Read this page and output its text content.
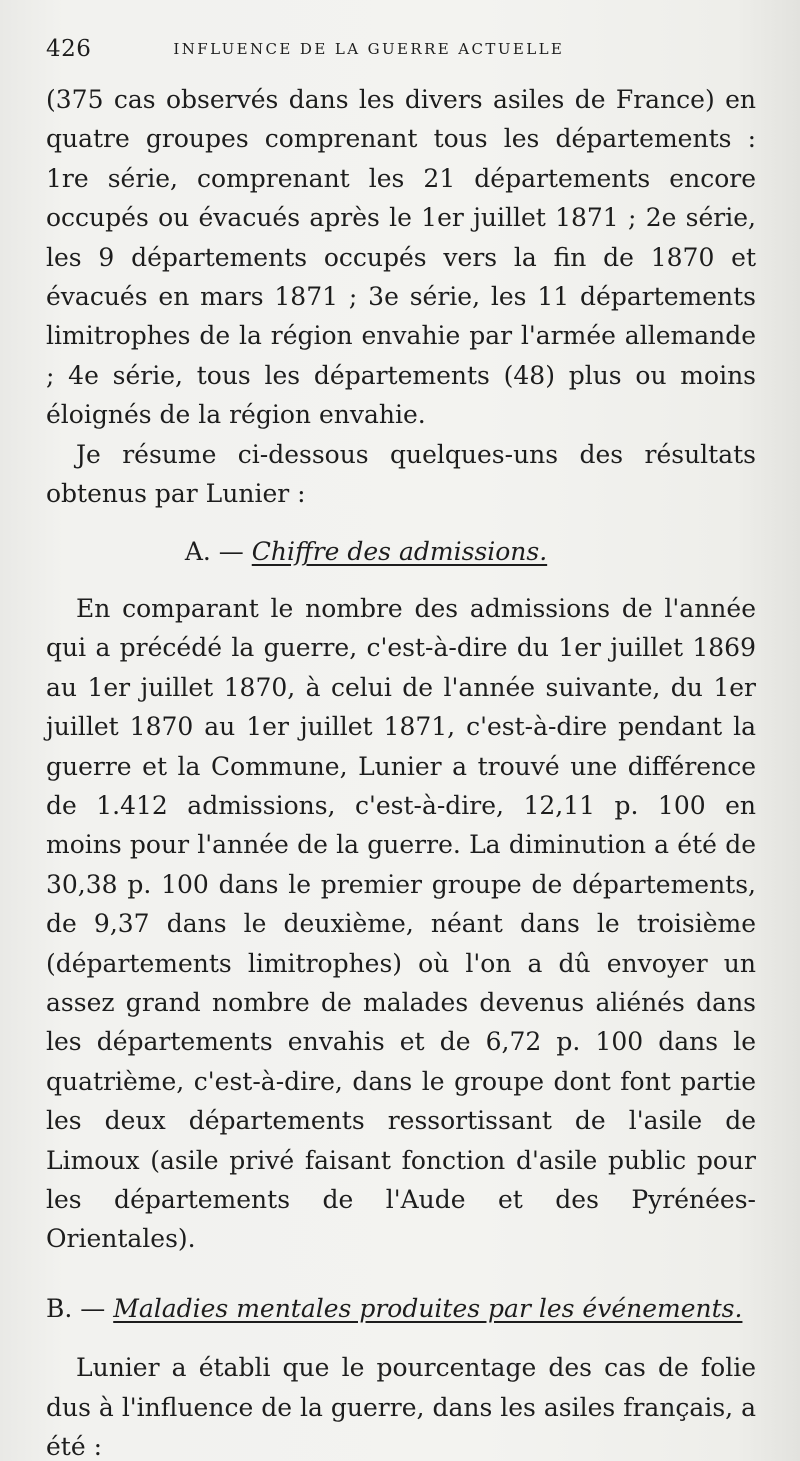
426	INFLUENCE DE LA GUERRE ACTUELLE

(375 cas observés dans les divers asiles de France) en quatre groupes comprenant tous les départements : 1re série, comprenant les 21 départements encore occupés ou évacués après le 1er juillet 1871 ; 2e série, les 9 départements occupés vers la fin de 1870 et évacués en mars 1871 ; 3e série, les 11 départements limitrophes de la région envahie par l'armée allemande ; 4e série, tous les départements (48) plus ou moins éloignés de la région envahie.

Je résume ci-dessous quelques-uns des résultats obtenus par Lunier :

A. — Chiffre des admissions.

En comparant le nombre des admissions de l'année qui a précédé la guerre, c'est-à-dire du 1er juillet 1869 au 1er juillet 1870, à celui de l'année suivante, du 1er juillet 1870 au 1er juillet 1871, c'est-à-dire pendant la guerre et la Commune, Lunier a trouvé une différence de 1.412 admissions, c'est-à-dire, 12,11 p. 100 en moins pour l'année de la guerre. La diminution a été de 30,38 p. 100 dans le premier groupe de départements, de 9,37 dans le deuxième, néant dans le troisième (départements limitrophes) où l'on a dû envoyer un assez grand nombre de malades devenus aliénés dans les départements envahis et de 6,72 p. 100 dans le quatrième, c'est-à-dire, dans le groupe dont font partie les deux départements ressortissant de l'asile de Limoux (asile privé faisant fonction d'asile public pour les départements de l'Aude et des Pyrénées-Orientales).

B. — Maladies mentales produites par les événements.

Lunier a établi que le pourcentage des cas de folie dus à l'influence de la guerre, dans les asiles français, a été :
